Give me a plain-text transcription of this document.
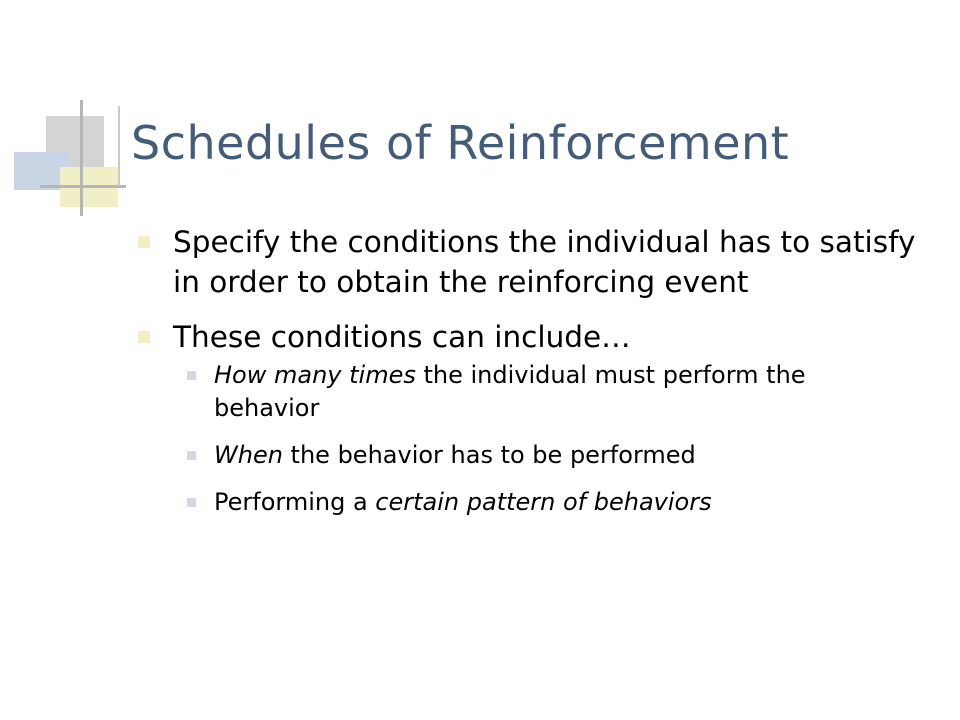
Schedules of Reinforcement
Specify the conditions the individual has to satisfy in order to obtain the reinforcing event
These conditions can include…
How many times the individual must perform the behavior
When the behavior has to be performed
Performing a certain pattern of behaviors
